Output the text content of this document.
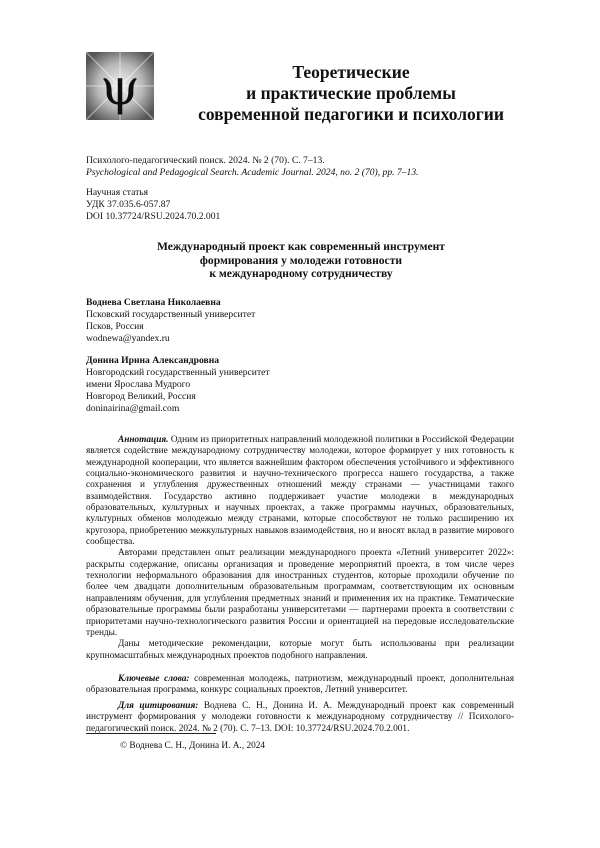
ψ	Теоретические
и практические проблемы
современной педагогики и психологии
Психолого-педагогический поиск. 2024. № 2 (70). С. 7–13.
Psychological and Pedagogical Search. Academic Journal. 2024, no. 2 (70), pp. 7–13.
Научная статья
УДК 37.035.6-057.87
DOI 10.37724/RSU.2024.70.2.001
Международный проект как современный инструмент
формирования у молодежи готовности
к международному сотрудничеству
Воднева Светлана Николаевна
Псковский государственный университет
Псков, Россия
wodnewa@yandex.ru
Донина Ирина Александровна
Новгородский государственный университет
имени Ярослава Мудрого
Новгород Великий, Россия
doninairina@gmail.com

Аннотация. Одним из приоритетных направлений молодежной политики в Российской Федерации является содействие международному сотрудничеству молодежи, которое формирует у них готовность к международной кооперации, что является важнейшим фактором обеспечения устойчивого и эффективного социально-экономического развития и научно-технического прогресса нашего государства, а также сохранения и углубления дружественных отношений между странами — участницами такого взаимодействия. Государство активно поддерживает участие молодежи в международных образовательных, культурных и научных проектах, а также программы научных, образовательных, культурных обменов молодежью между странами, которые способствуют не только расширению их кругозора, приобретению межкультурных навыков взаимодействия, но и вносят вклад в развитие мирового сообщества.

Авторами представлен опыт реализации международного проекта «Летний университет 2022»: раскрыты содержание, описаны организация и проведение мероприятий проекта, в том числе через технологии неформального образования для иностранных студентов, которые проходили обучение по более чем двадцати дополнительным образовательным программам, соответствующим их основным направлениям обучения, для углубления предметных знаний и применения их на практике. Тематические образовательные программы были разработаны университетами — партнерами проекта в соответствии с приоритетами научно-технологического развития России и ориентацией на передовые исследовательские тренды.

Даны методические рекомендации, которые могут быть использованы при реализации крупномасштабных международных проектов подобного направления.

Ключевые слова: современная молодежь, патриотизм, международный проект, дополнительная образовательная программа, конкурс социальных проектов, Летний университет.

Для цитирования: Воднева С. Н., Донина И. А. Международный проект как современный инструмент формирования у молодежи готовности к международному сотрудничеству // Психолого-педагогический поиск. 2024. № 2 (70). С. 7–13. DOI: 10.37724/RSU.2024.70.2.001.

© Воднева С. Н., Донина И. А., 2024
